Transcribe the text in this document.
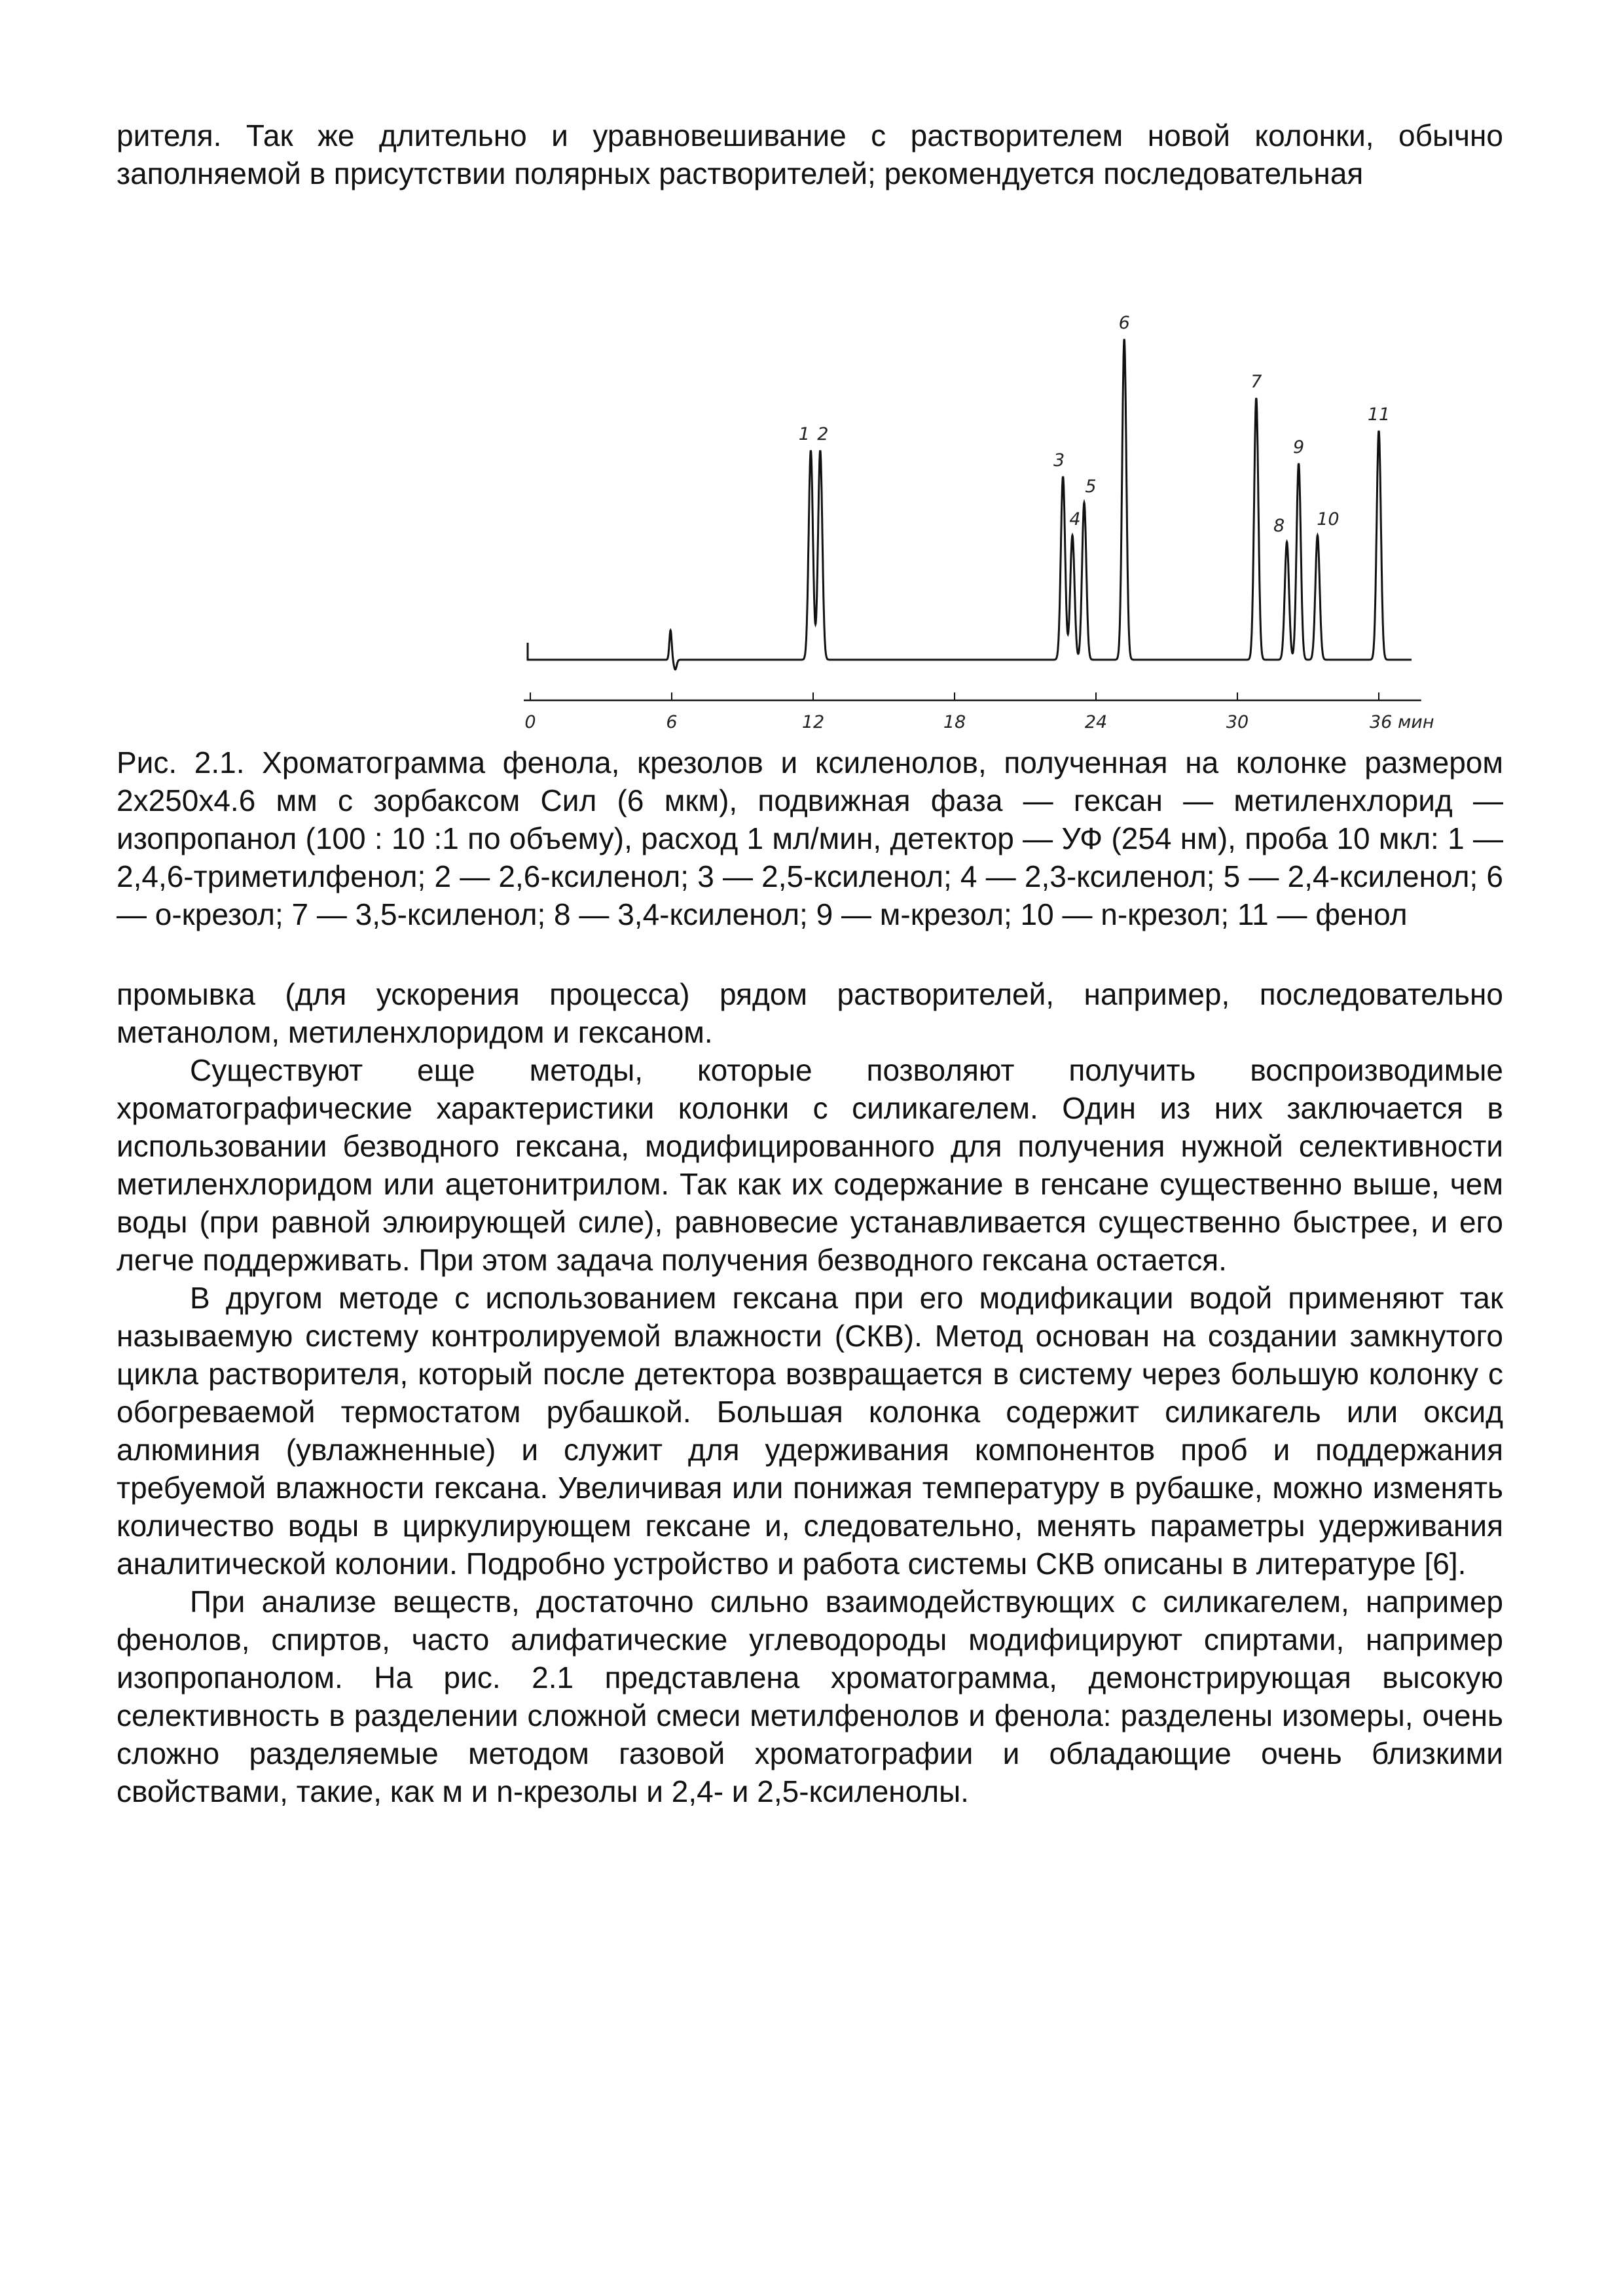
рителя. Так же длительно и уравновешивание с растворителем новой колонки, обычно заполняемой в присутствии полярных растворителей; рекомендуется последовательная

1 2
3
4
5
6
7
8
9
10
11
0	6	12	18	24	30	36 мин

Рис. 2.1. Хроматограмма фенола, крезолов и ксиленолов, полученная на колонке размером 2x250x4.6 мм с зорбаксом Сил (6 мкм), подвижная фаза — гексан — метиленхлорид — изопропанол (100 : 10 :1 по объему), расход 1 мл/мин, детектор — УФ (254 нм), проба 10 мкл: 1 — 2,4,6-триметилфенол; 2 — 2,6-ксиленол; 3 — 2,5-ксиленол; 4 — 2,3-ксиленол; 5 — 2,4-ксиленол; 6 — о-крезол; 7 — 3,5-ксиленол; 8 — 3,4-ксиленол; 9 — м-крезол; 10 — n-крезол; 11 — фенол

промывка (для ускорения процесса) рядом растворителей, например, последовательно метанолом, метиленхлоридом и гексаном.

Существуют еще методы, которые позволяют получить воспроизводимые хроматографические характеристики колонки с силикагелем. Один из них заключается в использовании безводного гексана, модифицированного для получения нужной селективности метиленхлоридом или ацетонитрилом. Так как их содержание в генсане существенно выше, чем воды (при равной элюирующей силе), равновесие устанавливается существенно быстрее, и его легче поддерживать. При этом задача получения безводного гексана остается.

В другом методе с использованием гексана при его модификации водой применяют так называемую систему контролируемой влажности (СКВ). Метод основан на создании замкнутого цикла растворителя, который после детектора возвращается в систему через большую колонку с обогреваемой термостатом рубашкой. Большая колонка содержит силикагель или оксид алюминия (увлажненные) и служит для удерживания компонентов проб и поддержания требуемой влажности гексана. Увеличивая или понижая температуру в рубашке, можно изменять количество воды в циркулирующем гексане и, следовательно, менять параметры удерживания аналитической колонии. Подробно устройство и работа системы СКВ описаны в литературе [6].

При анализе веществ, достаточно сильно взаимодействующих с силикагелем, например фенолов, спиртов, часто алифатические углеводороды модифицируют спиртами, например изопропанолом. На рис. 2.1 представлена хроматограмма, демонстрирующая высокую селективность в разделении сложной смеси метилфенолов и фенола: разделены изомеры, очень сложно разделяемые методом газовой хроматографии и обладающие очень близкими свойствами, такие, как м и n-крезолы и 2,4- и 2,5-ксиленолы.
